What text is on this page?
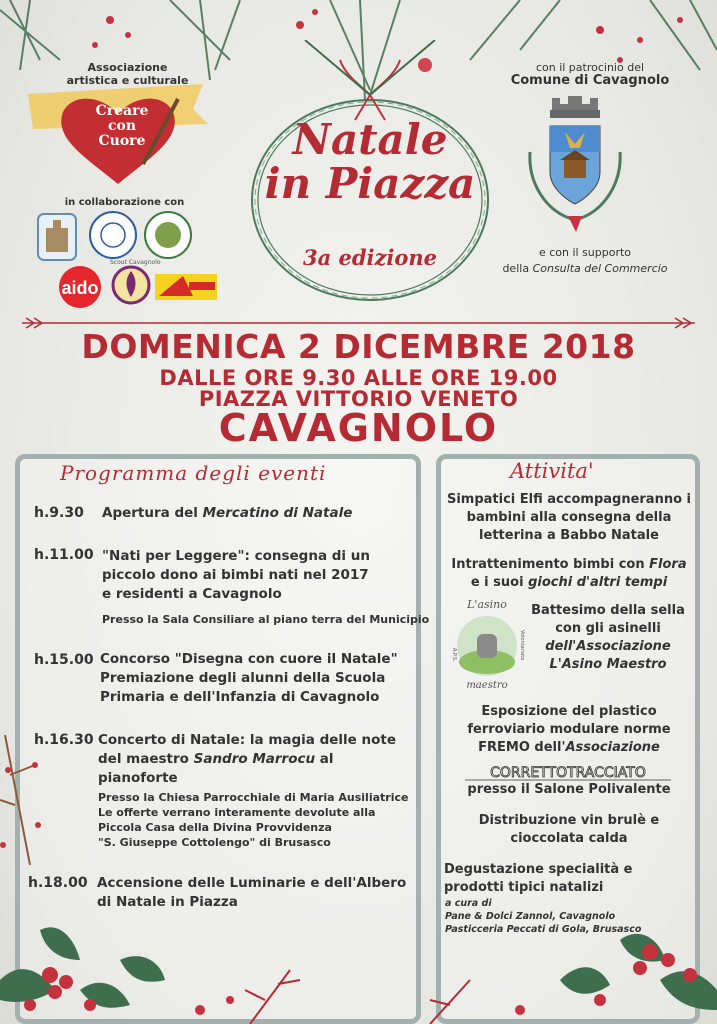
Associazione
artistica e culturale
Creare
con
Cuore
in collaborazione con
aido
Scout Cavagnolo
Natale
in Piazza
3a edizione
con il patrocinio del
Comune di Cavagnolo
e con il supporto
della Consulta del Commercio
DOMENICA 2 DICEMBRE 2018
DALLE ORE 9.30 ALLE ORE 19.00
PIAZZA VITTORIO VENETO
CAVAGNOLO
Programma degli eventi
h.9.30 Apertura del Mercatino di Natale
h.11.00 "Nati per Leggere": consegna di un
piccolo dono ai bimbi nati nel 2017
e residenti a Cavagnolo
Presso la Sala Consiliare al piano terra del Municipio
h.15.00 Concorso "Disegna con cuore il Natale"
Premiazione degli alunni della Scuola
Primaria e dell'Infanzia di Cavagnolo
h.16.30 Concerto di Natale: la magia delle note
del maestro Sandro Marrocu al
pianoforte
Presso la Chiesa Parrocchiale di Maria Ausiliatrice
Le offerte verrano interamente devolute alla
Piccola Casa della Divina Provvidenza
"S. Giuseppe Cottolengo" di Brusasco
h.18.00 Accensione delle Luminarie e dell'Albero
di Natale in Piazza
Attivita'
Simpatici Elfi accompagneranno i
bambini alla consegna della
letterina a Babbo Natale
Intrattenimento bimbi con Flora
e i suoi giochi d'altri tempi
L'asino
maestro
A.P.S.	Volontariato
Battesimo della sella
con gli asinelli
dell'Associazione
L'Asino Maestro
Esposizione del plastico
ferroviario modulare norme
FREMO dell'Associazione
CORRETTOTRACCIATO
presso il Salone Polivalente
Distribuzione vin brulè e
cioccolata calda
Degustazione specialità e
prodotti tipici natalizi
a cura di
Pane & Dolci Zannol, Cavagnolo
Pasticceria Peccati di Gola, Brusasco
